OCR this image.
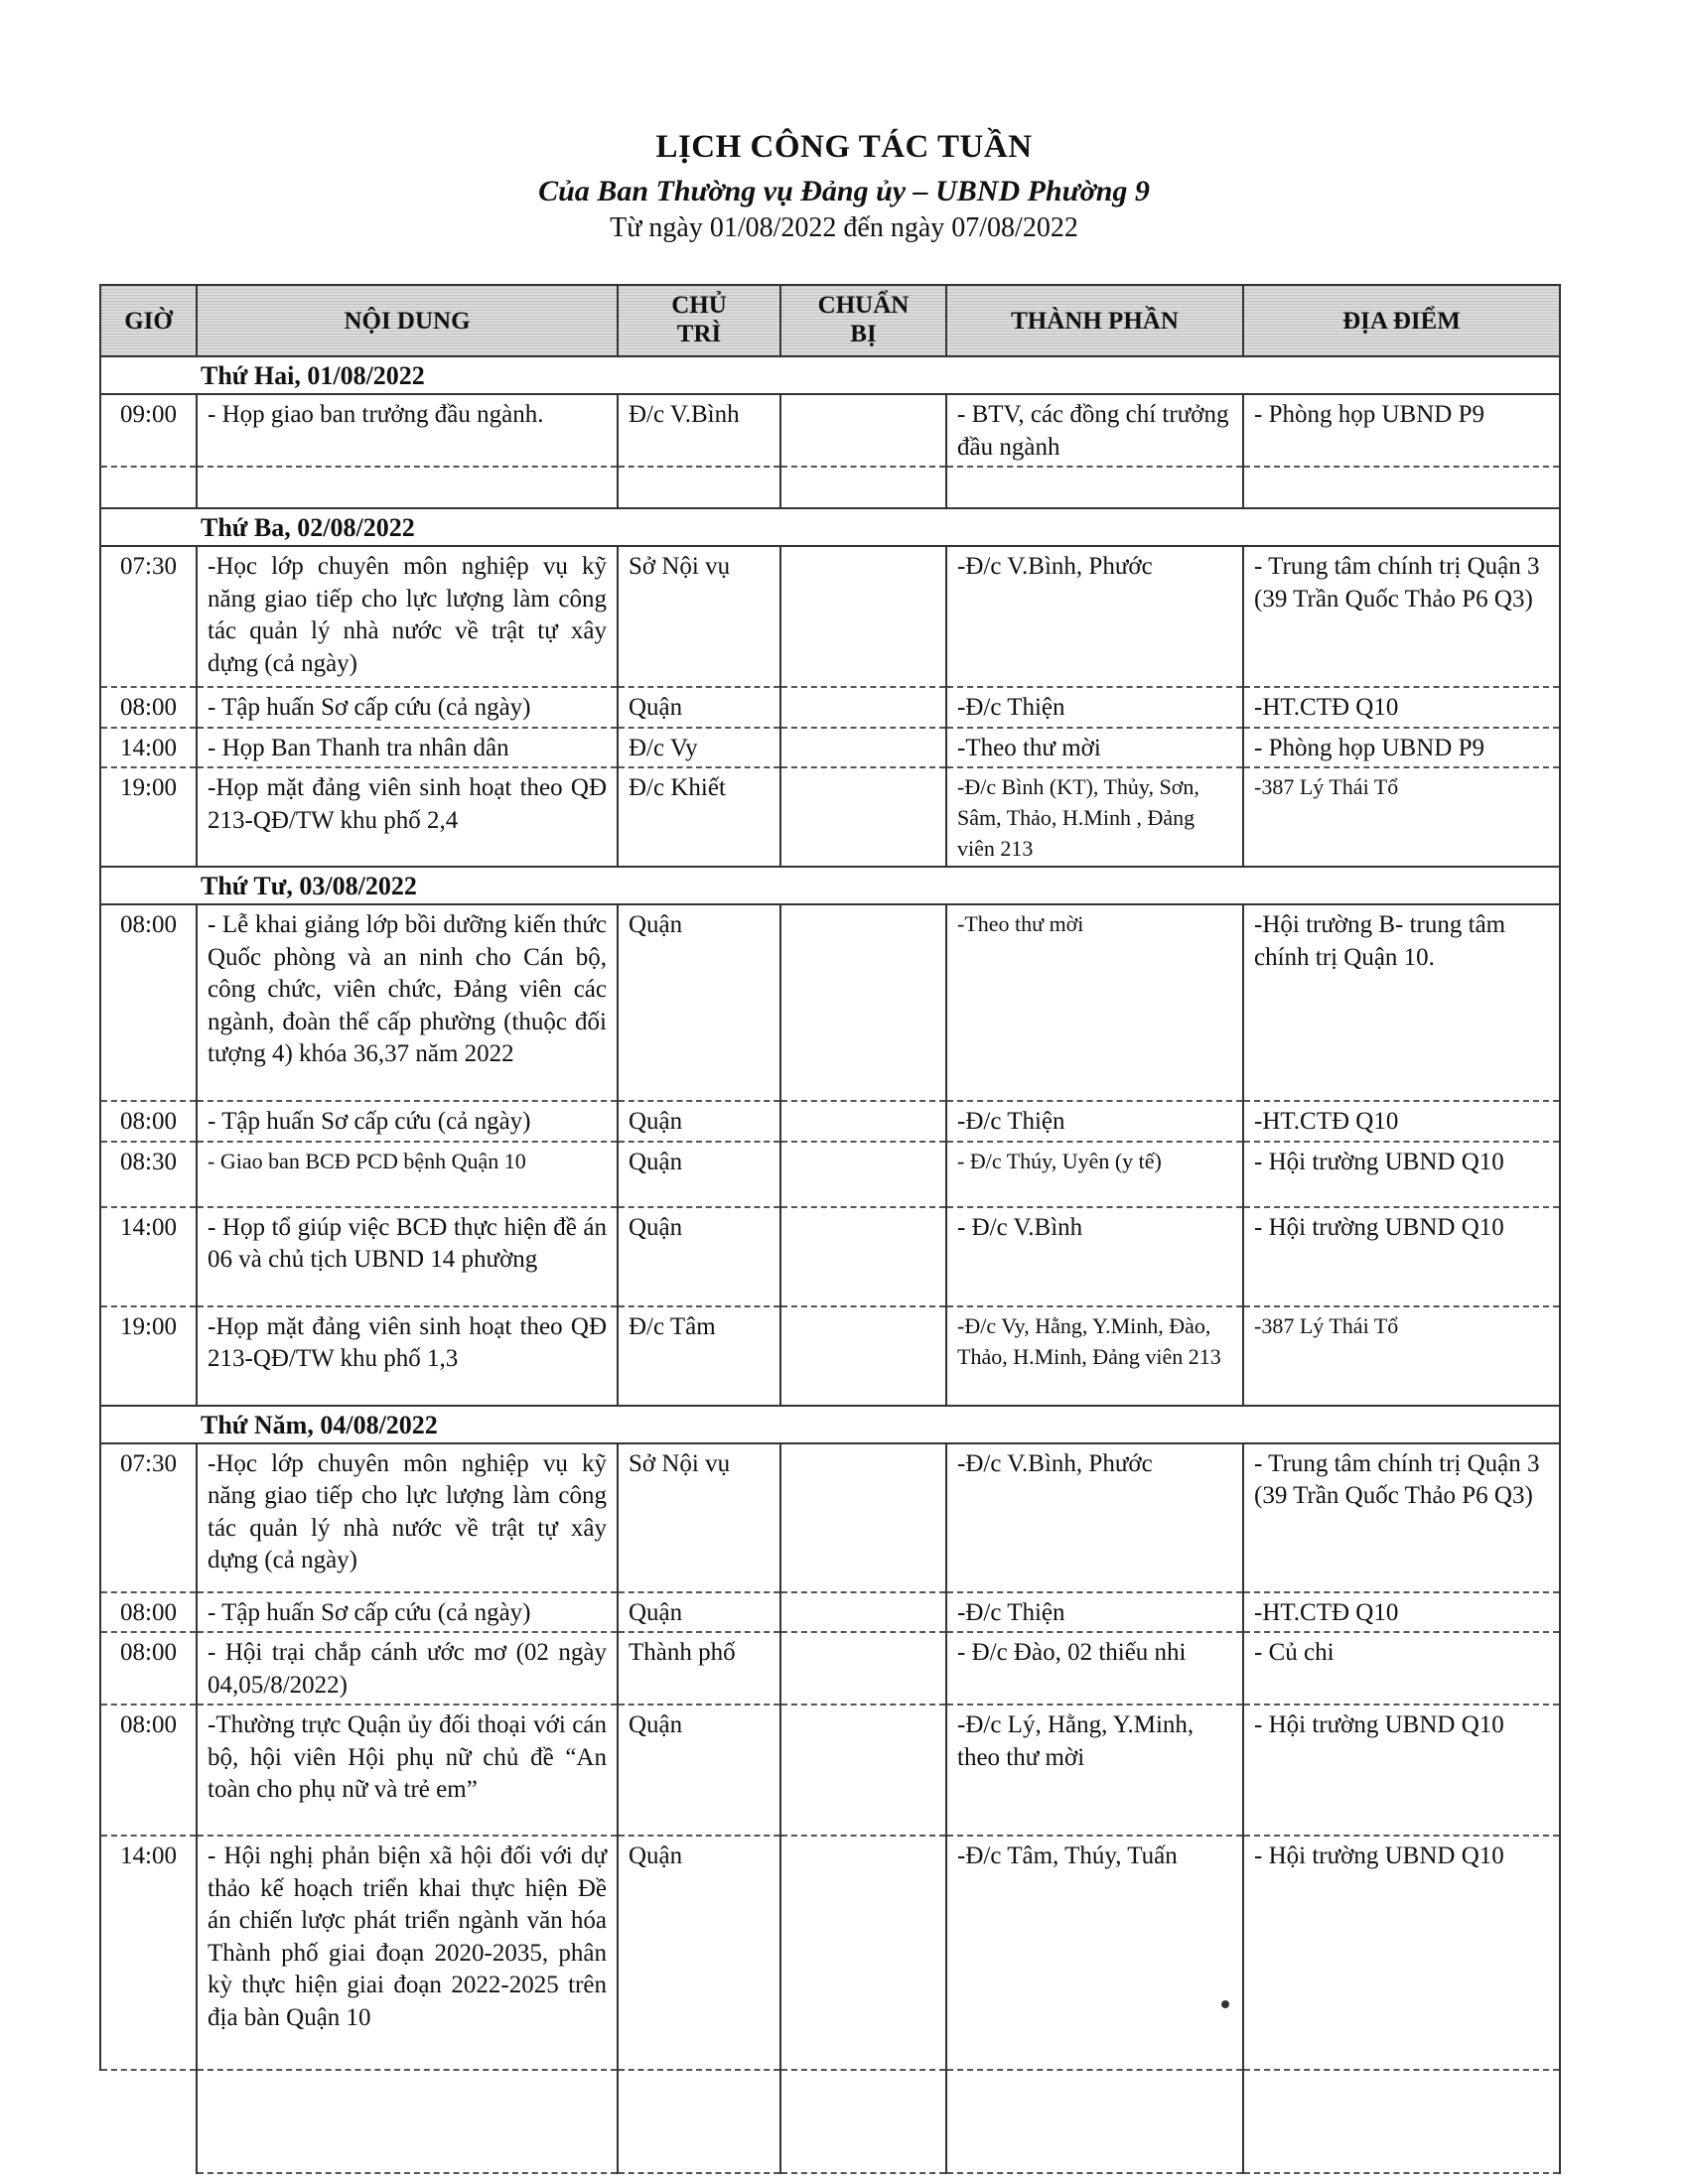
LỊCH CÔNG TÁC TUẦN
Của Ban Thường vụ Đảng ủy – UBND Phường 9
Từ ngày 01/08/2022 đến ngày 07/08/2022
GIỜ	NỘI DUNG	CHỦ TRÌ	CHUẨN BỊ	THÀNH PHẦN	ĐỊA ĐIỂM
Thứ Hai, 01/08/2022					
09:00	- Họp giao ban trưởng đầu ngành.	Đ/c V.Bình		- BTV, các đồng chí trưởng đầu ngành	- Phòng họp UBND P9

Thứ Ba, 02/08/2022					
07:30	-Học lớp chuyên môn nghiệp vụ kỹ năng giao tiếp cho lực lượng làm công tác quản lý nhà nước về trật tự xây dựng (cả ngày)	Sở Nội vụ		-Đ/c V.Bình, Phước	- Trung tâm chính trị Quận 3 (39 Trần Quốc Thảo P6 Q3)
08:00	- Tập huấn Sơ cấp cứu (cả ngày)	Quận		-Đ/c Thiện	-HT.CTĐ Q10
14:00	- Họp Ban Thanh tra nhân dân	Đ/c Vy		-Theo thư mời	- Phòng họp UBND P9
19:00	-Họp mặt đảng viên sinh hoạt theo QĐ 213-QĐ/TW khu phố 2,4	Đ/c Khiết		-Đ/c Bình (KT), Thủy, Sơn, Sâm, Thảo, H.Minh , Đảng viên 213	-387 Lý Thái Tổ
Thứ Tư, 03/08/2022					
08:00	- Lễ khai giảng lớp bồi dưỡng kiến thức Quốc phòng và an ninh cho Cán bộ, công chức, viên chức, Đảng viên các ngành, đoàn thể cấp phường (thuộc đối tượng 4) khóa 36,37 năm 2022	Quận		-Theo thư mời	-Hội trường B- trung tâm chính trị Quận 10.
08:00	- Tập huấn Sơ cấp cứu (cả ngày)	Quận		-Đ/c Thiện	-HT.CTĐ Q10
08:30	- Giao ban BCĐ PCD bệnh Quận 10	Quận		- Đ/c Thúy, Uyên (y tế)	- Hội trường UBND Q10
14:00	- Họp tổ giúp việc BCĐ thực hiện đề án 06 và chủ tịch UBND 14 phường	Quận		- Đ/c V.Bình	- Hội trường UBND Q10
19:00	-Họp mặt đảng viên sinh hoạt theo QĐ 213-QĐ/TW khu phố 1,3	Đ/c Tâm		-Đ/c Vy, Hằng, Y.Minh, Đào, Thảo, H.Minh, Đảng viên 213	-387 Lý Thái Tổ
Thứ Năm, 04/08/2022					
07:30	-Học lớp chuyên môn nghiệp vụ kỹ năng giao tiếp cho lực lượng làm công tác quản lý nhà nước về trật tự xây dựng (cả ngày)	Sở Nội vụ		-Đ/c V.Bình, Phước	- Trung tâm chính trị Quận 3 (39 Trần Quốc Thảo P6 Q3)
08:00	- Tập huấn Sơ cấp cứu (cả ngày)	Quận		-Đ/c Thiện	-HT.CTĐ Q10
08:00	- Hội trại chắp cánh ước mơ (02 ngày 04,05/8/2022)	Thành phố		- Đ/c Đào, 02 thiếu nhi	- Củ chi
08:00	-Thường trực Quận ủy đối thoại với cán bộ, hội viên Hội phụ nữ chủ đề “An toàn cho phụ nữ và trẻ em”	Quận		-Đ/c Lý, Hằng, Y.Minh, theo thư mời	- Hội trường UBND Q10
14:00	- Hội nghị phản biện xã hội đối với dự thảo kế hoạch triển khai thực hiện Đề án chiến lược phát triển ngành văn hóa Thành phố giai đoạn 2020-2035, phân kỳ thực hiện giai đoạn 2022-2025 trên địa bàn Quận 10	Quận		-Đ/c Tâm, Thúy, Tuấn	- Hội trường UBND Q10
